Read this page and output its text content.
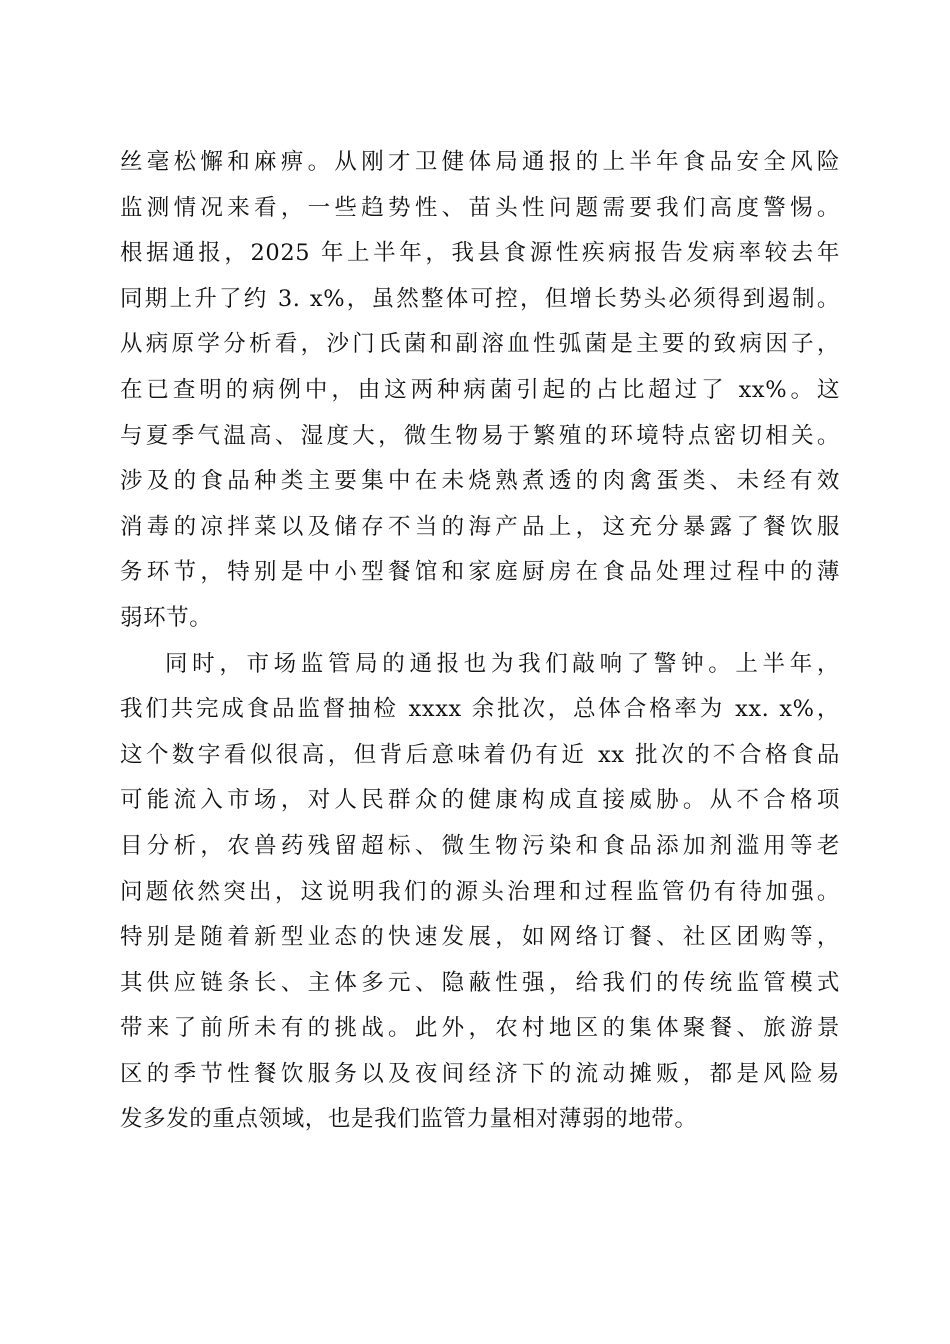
丝毫松懈和麻痹。从刚才卫健体局通报的上半年食品安全风险
监测情况来看，一些趋势性、苗头性问题需要我们高度警惕。
根据通报，2025 年上半年，我县食源性疾病报告发病率较去年
同期上升了约 3. x%，虽然整体可控，但增长势头必须得到遏制。
从病原学分析看，沙门氏菌和副溶血性弧菌是主要的致病因子，
在已查明的病例中，由这两种病菌引起的占比超过了 xx%。这
与夏季气温高、湿度大，微生物易于繁殖的环境特点密切相关。
涉及的食品种类主要集中在未烧熟煮透的肉禽蛋类、未经有效
消毒的凉拌菜以及储存不当的海产品上，这充分暴露了餐饮服
务环节，特别是中小型餐馆和家庭厨房在食品处理过程中的薄
弱环节。
同时，市场监管局的通报也为我们敲响了警钟。上半年，
我们共完成食品监督抽检 xxxx 余批次，总体合格率为 xx. x%，
这个数字看似很高，但背后意味着仍有近 xx 批次的不合格食品
可能流入市场，对人民群众的健康构成直接威胁。从不合格项
目分析，农兽药残留超标、微生物污染和食品添加剂滥用等老
问题依然突出，这说明我们的源头治理和过程监管仍有待加强。
特别是随着新型业态的快速发展，如网络订餐、社区团购等，
其供应链条长、主体多元、隐蔽性强，给我们的传统监管模式
带来了前所未有的挑战。此外，农村地区的集体聚餐、旅游景
区的季节性餐饮服务以及夜间经济下的流动摊贩，都是风险易
发多发的重点领域，也是我们监管力量相对薄弱的地带。
